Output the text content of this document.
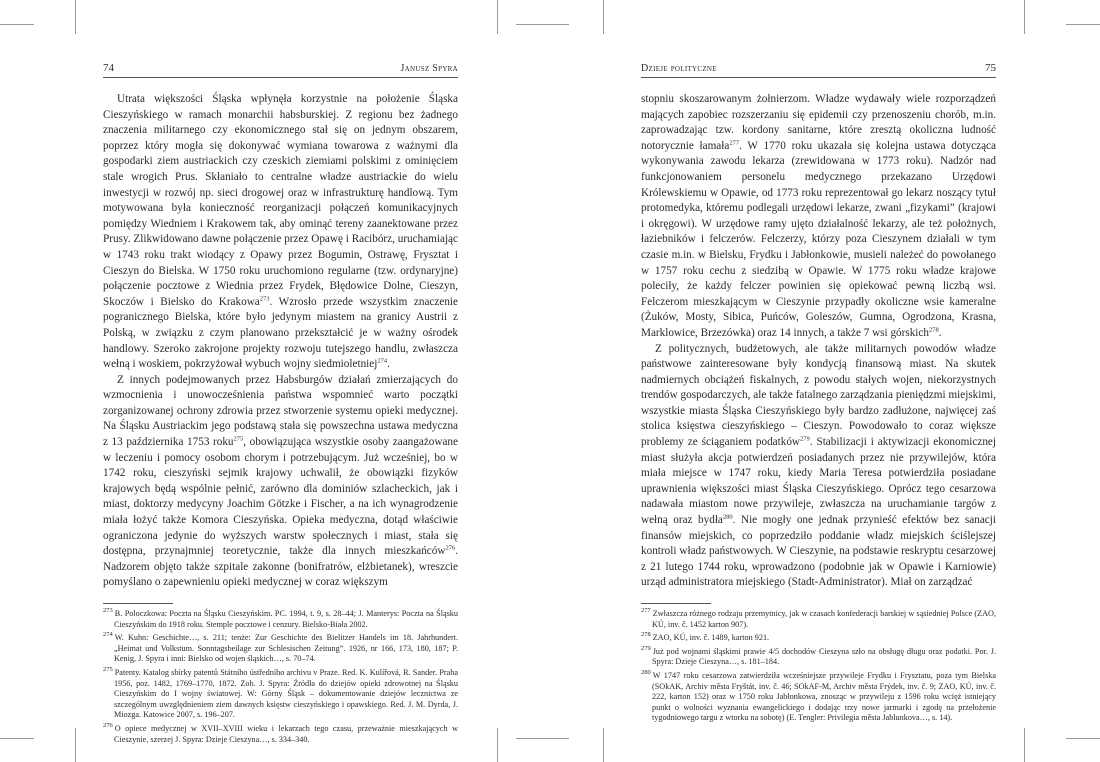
74	Janusz Spyra

Utrata większości Śląska wpłynęła korzystnie na położenie Śląska Cieszyńskiego w ramach monarchii habsburskiej. Z regionu bez żadnego znaczenia militarnego czy ekonomicznego stał się on jednym obszarem, poprzez który mogła się dokonywać wymiana towarowa z ważnymi dla gospodarki ziem austriackich czy czeskich ziemiami polskimi z ominięciem stale wrogich Prus. Skłaniało to centralne władze austriackie do wielu inwestycji w rozwój np. sieci drogowej oraz w infrastrukturę handlową. Tym motywowana była konieczność reorganizacji połączeń komunikacyjnych pomiędzy Wiedniem i Krakowem tak, aby ominąć tereny zaanektowane przez Prusy. Zlikwidowano dawne połączenie przez Opawę i Racibórz, uruchamiając w 1743 roku trakt wiodący z Opawy przez Bogumin, Ostrawę, Frysztat i Cieszyn do Bielska. W 1750 roku uruchomiono regularne (tzw. ordynaryjne) połączenie pocztowe z Wiednia przez Frydek, Błędowice Dolne, Cieszyn, Skoczów i Bielsko do Krakowa$^{273}$. Wzrosło przede wszystkim znaczenie pogranicznego Bielska, które było jedynym miastem na granicy Austrii z Polską, w związku z czym planowano przekształcić je w ważny ośrodek handlowy. Szeroko zakrojone projekty rozwoju tutejszego handlu, zwłaszcza wełną i woskiem, pokrzyżował wybuch wojny siedmioletniej$^{274}$.

Z innych podejmowanych przez Habsburgów działań zmierzających do wzmocnienia i unowocześnienia państwa wspomnieć warto początki zorganizowanej ochrony zdrowia przez stworzenie systemu opieki medycznej. Na Śląsku Austriackim jego podstawą stała się powszechna ustawa medyczna z 13 października 1753 roku$^{275}$, obowiązująca wszystkie osoby zaangażowane w leczeniu i pomocy osobom chorym i potrzebującym. Już wcześniej, bo w 1742 roku, cieszyński sejmik krajowy uchwalił, że obowiązki fizyków krajowych będą wspólnie pełnić, zarówno dla dominiów szlacheckich, jak i miast, doktorzy medycyny Joachim Götzke i Fischer, a na ich wynagrodzenie miała łożyć także Komora Cieszyńska. Opieka medyczna, dotąd właściwie ograniczona jedynie do wyższych warstw społecznych i miast, stała się dostępna, przynajmniej teoretycznie, także dla innych mieszkańców$^{276}$. Nadzorem objęto także szpitale zakonne (bonifratrów, elżbietanek), wreszcie pomyślano o zapewnieniu opieki medycznej w coraz większym

$^{273}$ B. Poloczkowa: Poczta na Śląsku Cieszyńskim. PC. 1994, t. 9, s. 28–44; J. Manterys: Poczta na Śląsku Cieszyńskim do 1918 roku. Stemple pocztowe i cenzury. Bielsko-Biała 2002.

$^{274}$ W. Kuhn: Geschichte…, s. 211; tenże: Zur Geschichte des Bielitzer Handels im 18. Jahrhundert. „Heimat und Volkstum. Sonntagsbeilage zur Schlesischen Zeitung”. 1926, nr 166, 173, 180, 187; P. Kenig, J. Spyra i inni: Bielsko od wojen śląskich…, s. 70–74.

$^{275}$ Patenty. Katalog sbírky patentů Státního ústředního archivu v Praze. Red. K. Kulířová, R. Sander. Praha 1956, poz. 1482, 1769–1770, 1872. Zob. J. Spyra: Źródła do dziejów opieki zdrowotnej na Śląsku Cieszyńskim do I wojny światowej. W: Górny Śląsk – dokumentowanie dziejów lecznictwa ze szczególnym uwzględnieniem ziem dawnych księstw cieszyńskiego i opawskiego. Red. J. M. Dyrda, J. Miozga. Katowice 2007, s. 196–207.

$^{276}$ O opiece medycznej w XVII–XVIII wieku i lekarzach tego czasu, przeważnie mieszkających w Cieszynie, szerzej J. Spyra: Dzieje Cieszyna…, s. 334–340.

Dzieje polityczne	75

stopniu skoszarowanym żołnierzom. Władze wydawały wiele rozporządzeń mających zapobiec rozszerzaniu się epidemii czy przenoszeniu chorób, m.in. zaprowadzając tzw. kordony sanitarne, które zresztą okoliczna ludność notorycznie łamała$^{277}$. W 1770 roku ukazała się kolejna ustawa dotycząca wykonywania zawodu lekarza (zrewidowana w 1773 roku). Nadzór nad funkcjonowaniem personelu medycznego przekazano Urzędowi Królewskiemu w Opawie, od 1773 roku reprezentował go lekarz noszący tytuł protomedyka, któremu podlegali urzędowi lekarze, zwani „fizykami” (krajowi i okręgowi). W urzędowe ramy ujęto działalność lekarzy, ale też położnych, łaziebników i felczerów. Felczerzy, którzy poza Cieszynem działali w tym czasie m.in. w Bielsku, Frydku i Jabłonkowie, musieli należeć do powołanego w 1757 roku cechu z siedzibą w Opawie. W 1775 roku władze krajowe poleciły, że każdy felczer powinien się opiekować pewną liczbą wsi. Felczerom mieszkającym w Cieszynie przypadły okoliczne wsie kameralne (Żuków, Mosty, Sibica, Puńców, Goleszów, Gumna, Ogrodzona, Krasna, Marklowice, Brzezówka) oraz 14 innych, a także 7 wsi górskich$^{278}$.

Z politycznych, budżetowych, ale także militarnych powodów władze państwowe zainteresowane były kondycją finansową miast. Na skutek nadmiernych obciążeń fiskalnych, z powodu stałych wojen, niekorzystnych trendów gospodarczych, ale także fatalnego zarządzania pieniędzmi miejskimi, wszystkie miasta Śląska Cieszyńskiego były bardzo zadłużone, najwięcej zaś stolica księstwa cieszyńskiego – Cieszyn. Powodowało to coraz większe problemy ze ściąganiem podatków$^{279}$. Stabilizacji i aktywizacji ekonomicznej miast służyła akcja potwierdzeń posiadanych przez nie przywilejów, która miała miejsce w 1747 roku, kiedy Maria Teresa potwierdziła posiadane uprawnienia większości miast Śląska Cieszyńskiego. Oprócz tego cesarzowa nadawała miastom nowe przywileje, zwłaszcza na uruchamianie targów z wełną oraz bydła$^{280}$. Nie mogły one jednak przynieść efektów bez sanacji finansów miejskich, co poprzedziło poddanie władz miejskich ściślejszej kontroli władz państwowych. W Cieszynie, na podstawie reskryptu cesarzowej z 21 lutego 1744 roku, wprowadzono (podobnie jak w Opawie i Karniowie) urząd administratora miejskiego (Stadt-Administrator). Miał on zarządzać

$^{277}$ Zwłaszcza różnego rodzaju przemytnicy, jak w czasach konfederacji barskiej w sąsiedniej Polsce (ZAO, KÚ, inv. č. 1452 karton 907).

$^{278}$ ZAO, KÚ, inv. č. 1489, karton 921.

$^{279}$ Już pod wojnami śląskimi prawie 4/5 dochodów Cieszyna szło na obsługę długu oraz podatki. Por. J. Spyra: Dzieje Cieszyna…, s. 181–184.

$^{280}$ W 1747 roku cesarzowa zatwierdziła wcześniejsze przywileje Frydku i Frysztatu, poza tym Bielska (SOkAK, Archiv města Fryštát, inv. č. 46; SOkAF-M, Archiv města Frýdek, inv. č. 9; ZAO, KÚ, inv. č. 222, karton 152) oraz w 1750 roku Jabłonkowa, znosząc w przywileju z 1596 roku wcięż istniejący punkt o wolności wyznania ewangelickiego i dodając trzy nowe jarmarki i zgodę na przełożenie tygodniowego targu z wtorku na sobotę) (E. Tengler: Privilegia města Jablunkova…, s. 14).
